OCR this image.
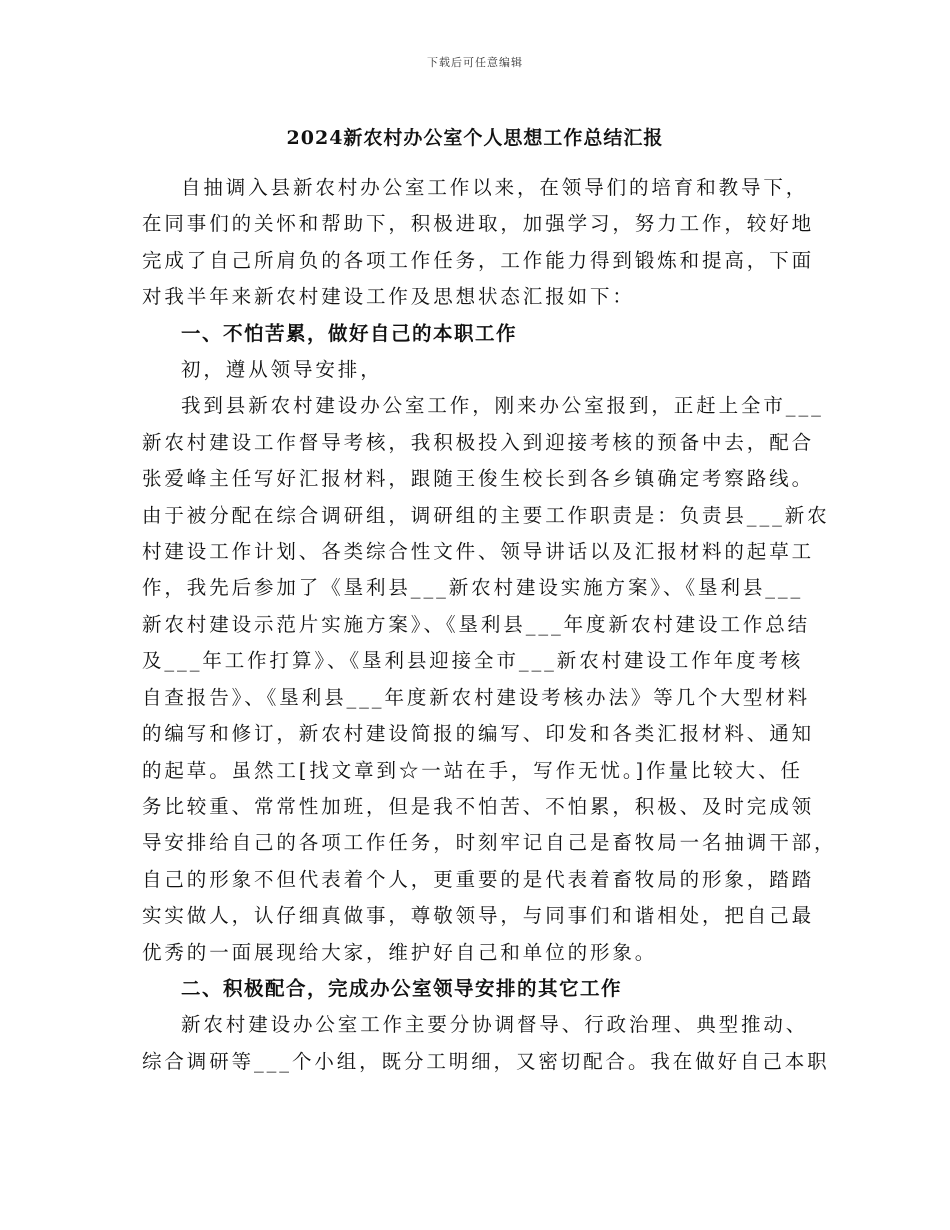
下载后可任意编辑
2024新农村办公室个人思想工作总结汇报

自抽调入县新农村办公室工作以来，在领导们的培育和教导下，
在同事们的关怀和帮助下，积极进取，加强学习，努力工作，较好地
完成了自己所肩负的各项工作任务，工作能力得到锻炼和提高，下面
对我半年来新农村建设工作及思想状态汇报如下：

一、不怕苦累，做好自己的本职工作

初，遵从领导安排，

我到县新农村建设办公室工作，刚来办公室报到，正赶上全市___
新农村建设工作督导考核，我积极投入到迎接考核的预备中去，配合
张爱峰主任写好汇报材料，跟随王俊生校长到各乡镇确定考察路线。
由于被分配在综合调研组，调研组的主要工作职责是：负责县___新农
村建设工作计划、各类综合性文件、领导讲话以及汇报材料的起草工
作，我先后参加了《垦利县___新农村建设实施方案》、《垦利县___
新农村建设示范片实施方案》、《垦利县___年度新农村建设工作总结
及___年工作打算》、《垦利县迎接全市___新农村建设工作年度考核
自查报告》、《垦利县___年度新农村建设考核办法》等几个大型材料
的编写和修订，新农村建设简报的编写、印发和各类汇报材料、通知
的起草。虽然工[找文章到☆一站在手，写作无忧。]作量比较大、任
务比较重、常常性加班，但是我不怕苦、不怕累，积极、及时完成领
导安排给自己的各项工作任务，时刻牢记自己是畜牧局一名抽调干部，
自己的形象不但代表着个人，更重要的是代表着畜牧局的形象，踏踏
实实做人，认仔细真做事，尊敬领导，与同事们和谐相处，把自己最
优秀的一面展现给大家，维护好自己和单位的形象。

二、积极配合，完成办公室领导安排的其它工作

新农村建设办公室工作主要分协调督导、行政治理、典型推动、
综合调研等___个小组，既分工明细，又密切配合。我在做好自己本职
